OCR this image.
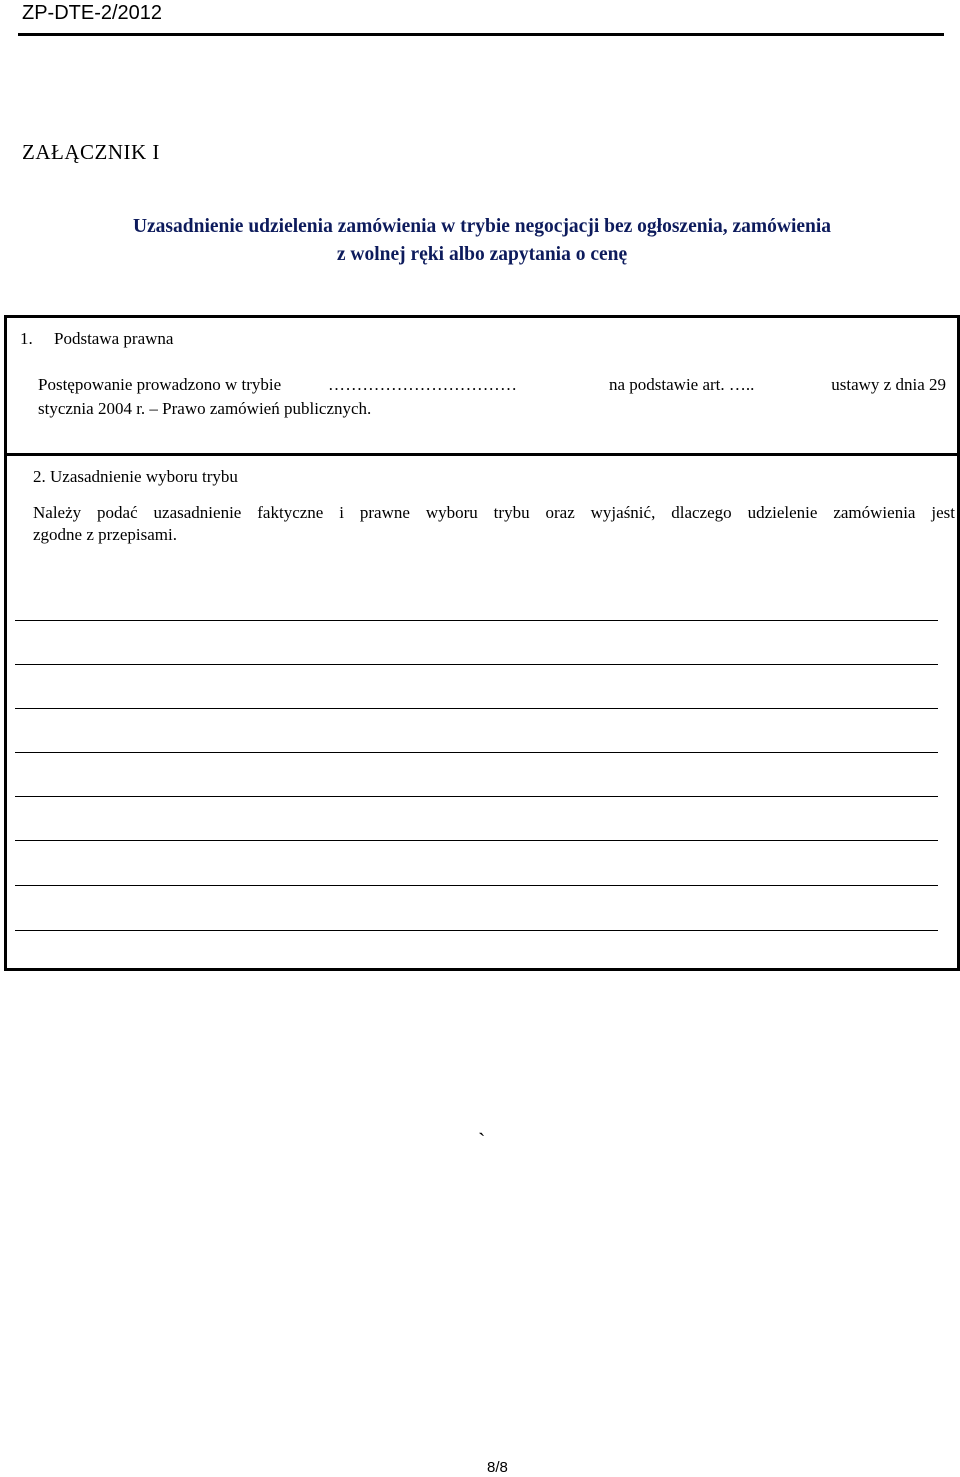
ZP-DTE-2/2012
ZAŁĄCZNIK I
Uzasadnienie udzielenia zamówienia w trybie negocjacji bez ogłoszenia, zamówienia
z wolnej ręki albo zapytania o cenę
1. Podstawa prawna
Postępowanie prowadzono w trybie	……………………………	na podstawie art. …..	ustawy z dnia 29
stycznia 2004 r. – Prawo zamówień publicznych.
2. Uzasadnienie wyboru trybu
Należy podać uzasadnienie faktyczne i prawne wyboru trybu oraz wyjaśnić, dlaczego udzielenie zamówienia jest
zgodne z przepisami.
`
8/8
